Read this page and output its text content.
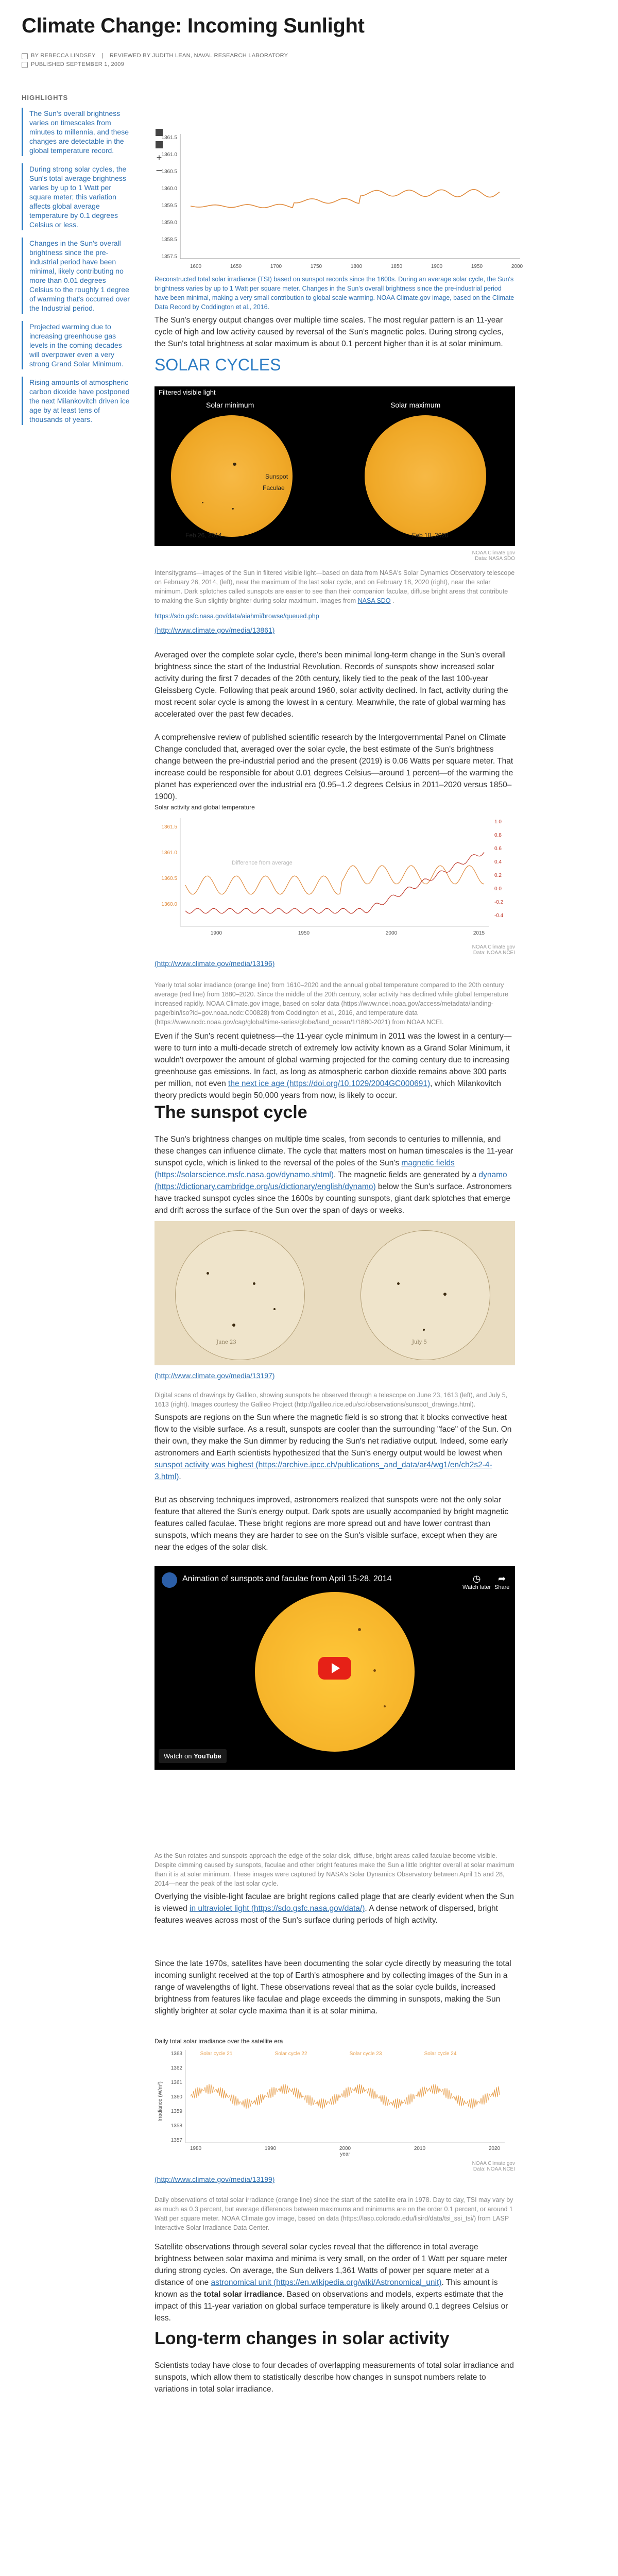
Climate Change: Incoming Sunlight
BY REBECCA LINDSEY | REVIEWED BY JUDITH LEAN, NAVAL RESEARCH LABORATORY
PUBLISHED SEPTEMBER 1, 2009
HIGHLIGHTS
The Sun's overall brightness varies on timescales from minutes to millennia, and these changes are detectable in the global temperature record.
During strong solar cycles, the Sun's total average brightness varies by up to 1 Watt per square meter; this variation affects global average temperature by 0.1 degrees Celsius or less.
Changes in the Sun's overall brightness since the pre-industrial period have been minimal, likely contributing no more than 0.01 degrees Celsius to the roughly 1 degree of warming that's occurred over the Industrial period.
Projected warming due to increasing greenhouse gas levels in the coming decades will overpower even a very strong Grand Solar Minimum.
Rising amounts of atmospheric carbon dioxide have postponed the next Milankovitch driven ice age by at least tens of thousands of years.
+
−
1361.5
1361.0
1360.5
1360.0
1359.5
1359.0
1358.5
1357.5
1600	1650	1700	1750	1800	1850	1900	1950	2000

Reconstructed total solar irradiance (TSI) based on sunspot records since the 1600s. During an average solar cycle, the Sun's brightness varies by up to 1 Watt per square meter. Changes in the Sun's overall brightness since the pre-industrial period have been minimal, making a very small contribution to global scale warming. NOAA Climate.gov image, based on the Climate Data Record by Coddington et al., 2016.

The Sun's energy output changes over multiple time scales. The most regular pattern is an 11-year cycle of high and low activity caused by reversal of the Sun's magnetic poles. During strong cycles, the Sun's total brightness at solar maximum is about 0.1 percent higher than it is at solar minimum.

SOLAR CYCLES
Filtered visible light
Solar minimum	Solar maximum
Sunspot
Faculae
Feb 26, 2014	Feb 18, 2020
NOAA Climate.gov
Data: NASA SDO

Intensitygrams—images of the Sun in filtered visible light—based on data from NASA's Solar Dynamics Observatory telescope on February 26, 2014, (left), near the maximum of the last solar cycle, and on February 18, 2020 (right), near the solar minimum. Dark splotches called sunspots are easier to see than their companion faculae, diffuse bright areas that contribute to making the Sun slightly brighter during solar maximum. Images from NASA SDO .

https://sdo.gsfc.nasa.gov/data/aiahmi/browse/queued.php

(http://www.climate.gov/media/13861)

Averaged over the complete solar cycle, there's been minimal long-term change in the Sun's overall brightness since the start of the Industrial Revolution. Records of sunspots show increased solar activity during the first 7 decades of the 20th century, likely tied to the peak of the last 100-year Gleissberg Cycle. Following that peak around 1960, solar activity declined. In fact, activity during the most recent solar cycle is among the lowest in a century. Meanwhile, the rate of global warming has accelerated over the past few decades.

A comprehensive review of published scientific research by the Intergovernmental Panel on Climate Change concluded that, averaged over the solar cycle, the best estimate of the Sun's brightness change between the pre-industrial period and the present (2019) is 0.06 Watts per square meter. That increase could be responsible for about 0.01 degrees Celsius—around 1 percent—of the warming the planet has experienced over the industrial era (0.95–1.2 degrees Celsius in 2011–2020 versus 1850–1900).

Solar activity and global temperature
1361.5
1361.0
1360.5
1360.0
1.0
0.8
0.6
0.4
0.2
0.0
-0.2
-0.4
1900	1950	2000	2015
Difference from average
NOAA Climate.gov
Data: NOAA NCEI
(http://www.climate.gov/media/13196)

Yearly total solar irradiance (orange line) from 1610–2020 and the annual global temperature compared to the 20th century average (red line) from 1880–2020. Since the middle of the 20th century, solar activity has declined while global temperature increased rapidly. NOAA Climate.gov image, based on solar data (https://www.ncei.noaa.gov/access/metadata/landing-page/bin/iso?id=gov.noaa.ncdc:C00828) from Coddington et al., 2016, and temperature data (https://www.ncdc.noaa.gov/cag/global/time-series/globe/land_ocean/1/1880-2021) from NOAA NCEI.

Even if the Sun's recent quietness—the 11-year cycle minimum in 2011 was the lowest in a century—were to turn into a multi-decade stretch of extremely low activity known as a Grand Solar Minimum, it wouldn't overpower the amount of global warming projected for the coming century due to increasing greenhouse gas emissions. In fact, as long as atmospheric carbon dioxide remains above 300 parts per million, not even the next ice age (https://doi.org/10.1029/2004GC000691), which Milankovitch theory predicts would begin 50,000 years from now, is likely to occur.

The sunspot cycle

The Sun's brightness changes on multiple time scales, from seconds to centuries to millennia, and these changes can influence climate. The cycle that matters most on human timescales is the 11-year sunspot cycle, which is linked to the reversal of the poles of the Sun's magnetic fields (https://solarscience.msfc.nasa.gov/dynamo.shtml). The magnetic fields are generated by a dynamo (https://dictionary.cambridge.org/us/dictionary/english/dynamo) below the Sun's surface. Astronomers have tracked sunspot cycles since the 1600s by counting sunspots, giant dark splotches that emerge and drift across the surface of the Sun over the span of days or weeks.

June 23	July 5
(http://www.climate.gov/media/13197)

Digital scans of drawings by Galileo, showing sunspots he observed through a telescope on June 23, 1613 (left), and July 5, 1613 (right). Images courtesy the Galileo Project (http://galileo.rice.edu/sci/observations/sunspot_drawings.html).

Sunspots are regions on the Sun where the magnetic field is so strong that it blocks convective heat flow to the visible surface. As a result, sunspots are cooler than the surrounding "face" of the Sun. On their own, they make the Sun dimmer by reducing the Sun's net radiative output. Indeed, some early astronomers and Earth scientists hypothesized that the Sun's energy output would be lowest when sunspot activity was highest (https://archive.ipcc.ch/publications_and_data/ar4/wg1/en/ch2s2-4-3.html).

But as observing techniques improved, astronomers realized that sunspots were not the only solar feature that altered the Sun's energy output. Dark spots are usually accompanied by bright magnetic features called faculae. These bright regions are more spread out and have lower contrast than sunspots, which means they are harder to see on the Sun's visible surface, except when they are near the edges of the solar disk.

Animation of sunspots and faculae from April 15-28, 2014	◷
Watch later
➦
Share
Watch on YouTube

As the Sun rotates and sunspots approach the edge of the solar disk, diffuse, bright areas called faculae become visible. Despite dimming caused by sunspots, faculae and other bright features make the Sun a little brighter overall at solar maximum than it is at solar minimum. These images were captured by NASA's Solar Dynamics Observatory between April 15 and 28, 2014—near the peak of the last solar cycle.

Overlying the visible-light faculae are bright regions called plage that are clearly evident when the Sun is viewed in ultraviolet light (https://sdo.gsfc.nasa.gov/data/). A dense network of dispersed, bright features weaves across most of the Sun's surface during periods of high activity.

Since the late 1970s, satellites have been documenting the solar cycle directly by measuring the total incoming sunlight received at the top of Earth's atmosphere and by collecting images of the Sun in a range of wavelengths of light. These observations reveal that as the solar cycle builds, increased brightness from features like faculae and plage exceeds the dimming in sunspots, making the Sun slightly brighter at solar cycle maxima than it is at solar minima.

Daily total solar irradiance over the satellite era
1363
1362
1361
1360
1359
1358
1357
1980	1990	2000	2010	2020
Solar cycle 21	Solar cycle 22	Solar cycle 23	Solar cycle 24
Irradiance (W/m²)
year
NOAA Climate.gov
Data: NOAA NCEI
(http://www.climate.gov/media/13199)

Daily observations of total solar irradiance (orange line) since the start of the satellite era in 1978. Day to day, TSI may vary by as much as 0.3 percent, but average differences between maximums and minimums are on the order 0.1 percent, or around 1 Watt per square meter. NOAA Climate.gov image, based on data (https://lasp.colorado.edu/lisird/data/tsi_ssi_tsi/) from LASP Interactive Solar Irradiance Data Center.

Satellite observations through several solar cycles reveal that the difference in total average brightness between solar maxima and minima is very small, on the order of 1 Watt per square meter during strong cycles. On average, the Sun delivers 1,361 Watts of power per square meter at a distance of one astronomical unit (https://en.wikipedia.org/wiki/Astronomical_unit). This amount is known as the total solar irradiance. Based on observations and models, experts estimate that the impact of this 11-year variation on global surface temperature is likely around 0.1 degrees Celsius or less.

Long-term changes in solar activity

Scientists today have close to four decades of overlapping measurements of total solar irradiance and sunspots, which allow them to statistically describe how changes in sunspot numbers relate to variations in total solar irradiance.
